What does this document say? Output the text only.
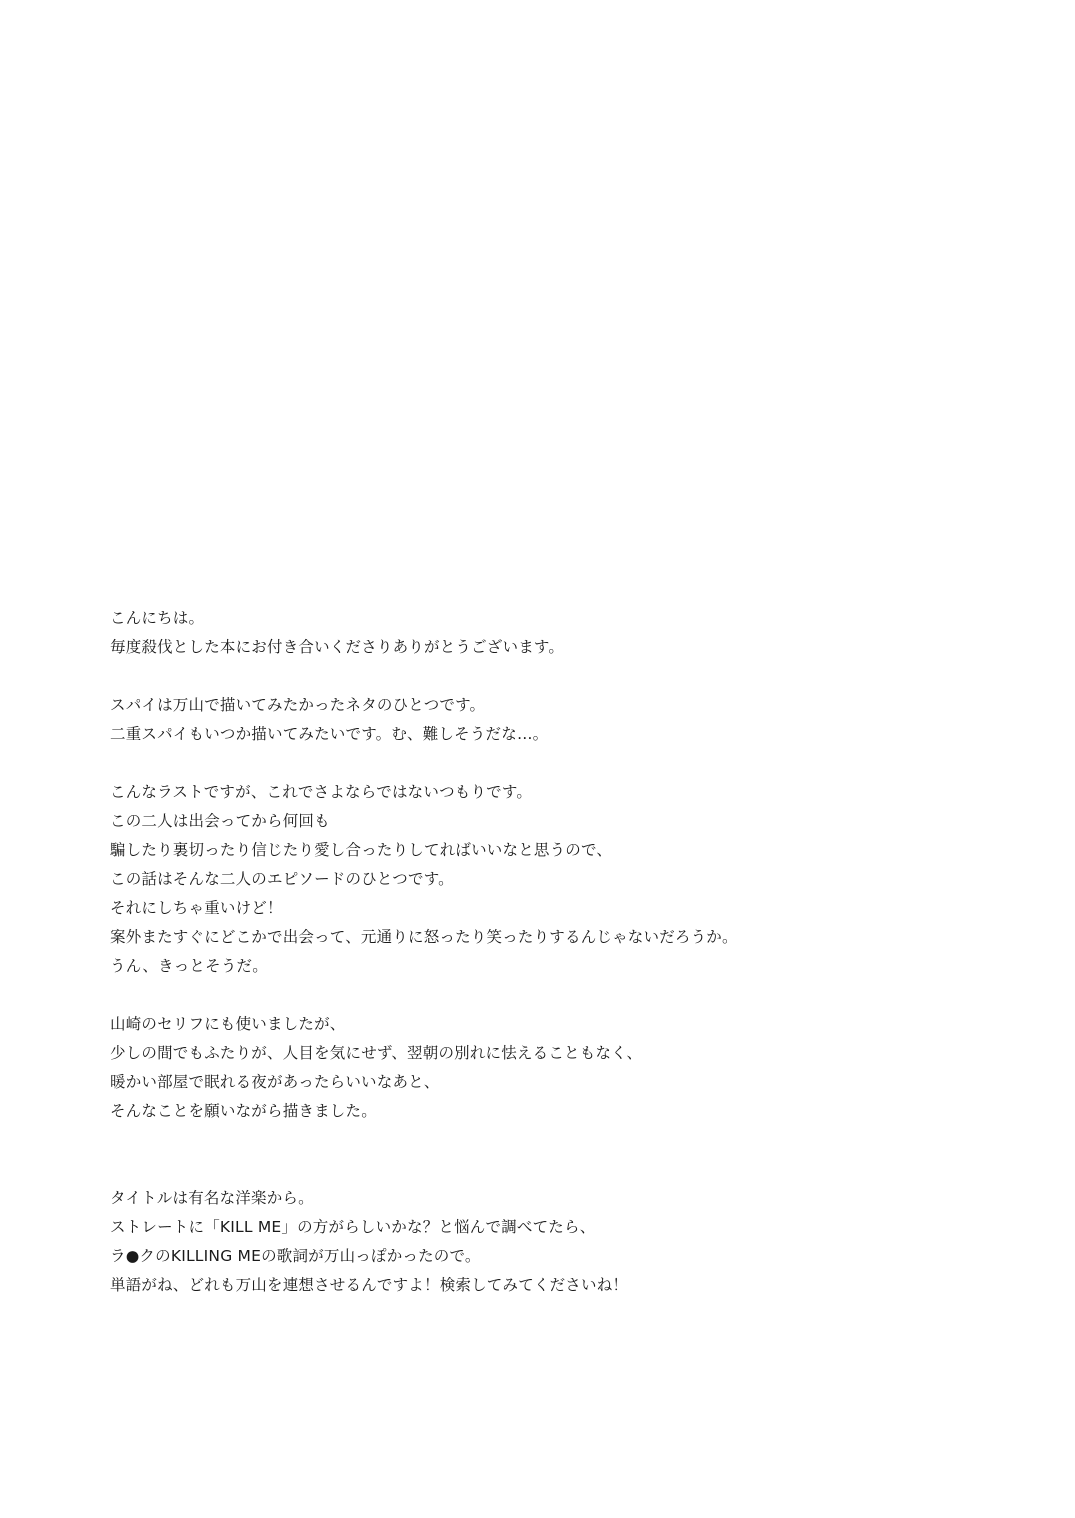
こんにちは。
毎度殺伐とした本にお付き合いくださりありがとうございます。
スパイは万山で描いてみたかったネタのひとつです。
二重スパイもいつか描いてみたいです。む、難しそうだな…。
こんなラストですが、これでさよならではないつもりです。
この二人は出会ってから何回も
騙したり裏切ったり信じたり愛し合ったりしてればいいなと思うので、
この話はそんな二人のエピソードのひとつです。
それにしちゃ重いけど！
案外またすぐにどこかで出会って、元通りに怒ったり笑ったりするんじゃないだろうか。
うん、きっとそうだ。
山崎のセリフにも使いましたが、
少しの間でもふたりが、人目を気にせず、翌朝の別れに怯えることもなく、
暖かい部屋で眠れる夜があったらいいなあと、
そんなことを願いながら描きました。
タイトルは有名な洋楽から。
ストレートに「KILL ME」の方がらしいかな？と悩んで調べてたら、
ラ●クのKILLING MEの歌詞が万山っぽかったので。
単語がね、どれも万山を連想させるんですよ！検索してみてくださいね！
